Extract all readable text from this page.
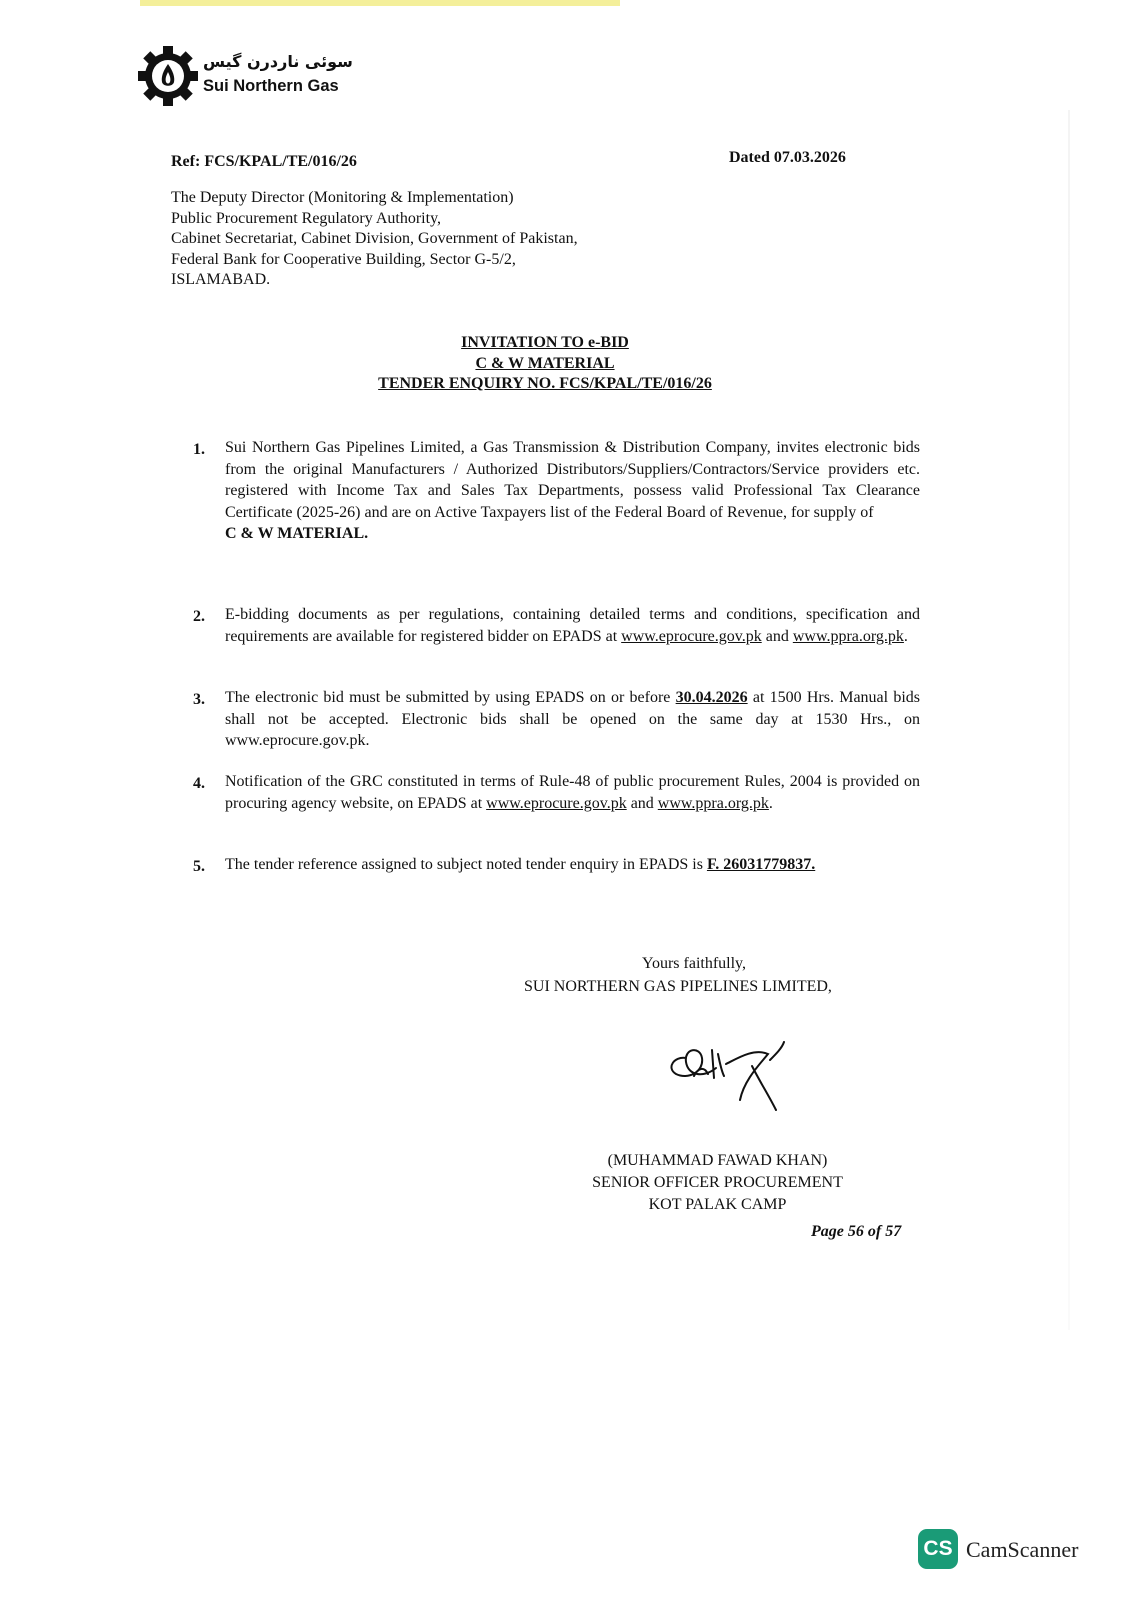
سوئی ناردرن گیس
Sui Northern Gas
Ref: FCS/KPAL/TE/016/26	Dated 07.03.2026
The Deputy Director (Monitoring & Implementation)
Public Procurement Regulatory Authority,
Cabinet Secretariat, Cabinet Division, Government of Pakistan,
Federal Bank for Cooperative Building, Sector G-5/2,
ISLAMABAD.
INVITATION TO e-BID
C & W MATERIAL
TENDER ENQUIRY NO. FCS/KPAL/TE/016/26
1. Sui Northern Gas Pipelines Limited, a Gas Transmission & Distribution Company, invites electronic bids from the original Manufacturers / Authorized Distributors/Suppliers/Contractors/Service providers etc. registered with Income Tax and Sales Tax Departments, possess valid Professional Tax Clearance Certificate (2025-26) and are on Active Taxpayers list of the Federal Board of Revenue, for supply of
C & W MATERIAL.
2. E-bidding documents as per regulations, containing detailed terms and conditions, specification and requirements are available for registered bidder on EPADS at www.eprocure.gov.pk and www.ppra.org.pk.
3. The electronic bid must be submitted by using EPADS on or before 30.04.2026 at 1500 Hrs. Manual bids shall not be accepted. Electronic bids shall be opened on the same day at 1530 Hrs., on www.eprocure.gov.pk.
4. Notification of the GRC constituted in terms of Rule-48 of public procurement Rules, 2004 is provided on procuring agency website, on EPADS at www.eprocure.gov.pk and www.ppra.org.pk.
5. The tender reference assigned to subject noted tender enquiry in EPADS is F. 26031779837.
Yours faithfully,
SUI NORTHERN GAS PIPELINES LIMITED,
(MUHAMMAD FAWAD KHAN)
SENIOR OFFICER PROCUREMENT
KOT PALAK CAMP
Page 56 of 57
CS CamScanner
